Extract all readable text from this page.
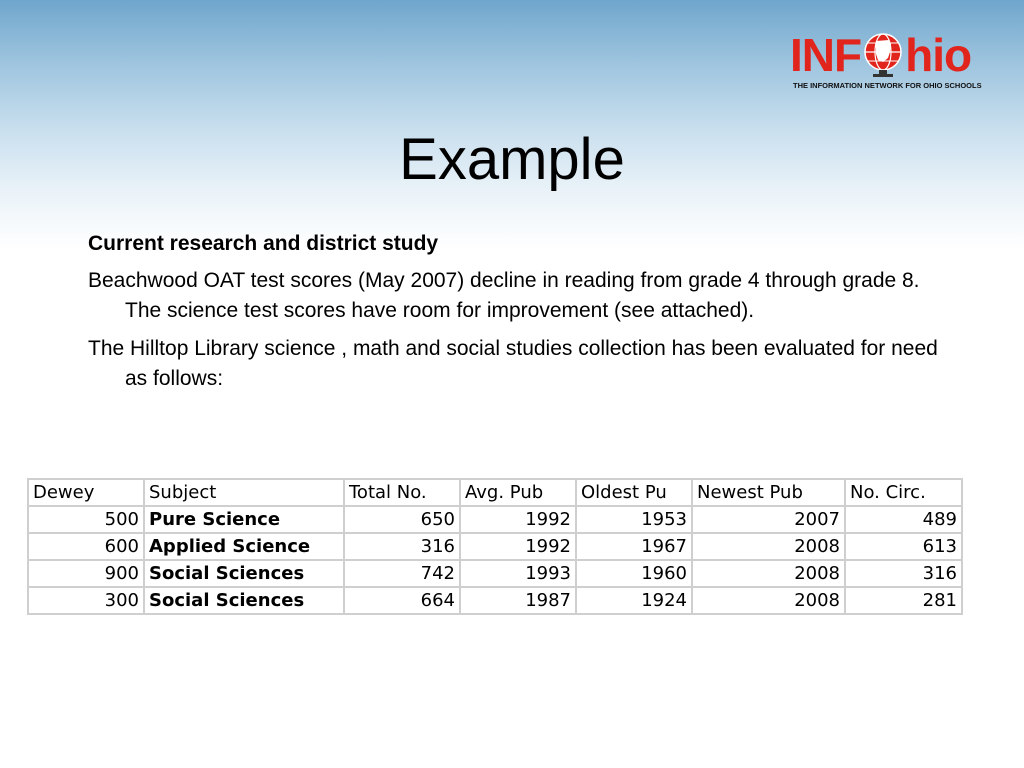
INF hio
THE INFORMATION NETWORK FOR OHIO SCHOOLS
Example

Current research and district study

Beachwood OAT test scores (May 2007) decline in reading from grade 4 through grade 8. The science test scores have room for improvement (see attached).

The Hilltop Library science , math and social studies collection has been evaluated for need as follows:

Dewey	Subject	Total No.	Avg. Pub	Oldest Pu	Newest Pub	No. Circ.
500	Pure Science	650	1992	1953	2007	489
600	Applied Science	316	1992	1967	2008	613
900	Social Sciences	742	1993	1960	2008	316
300	Social Sciences	664	1987	1924	2008	281
